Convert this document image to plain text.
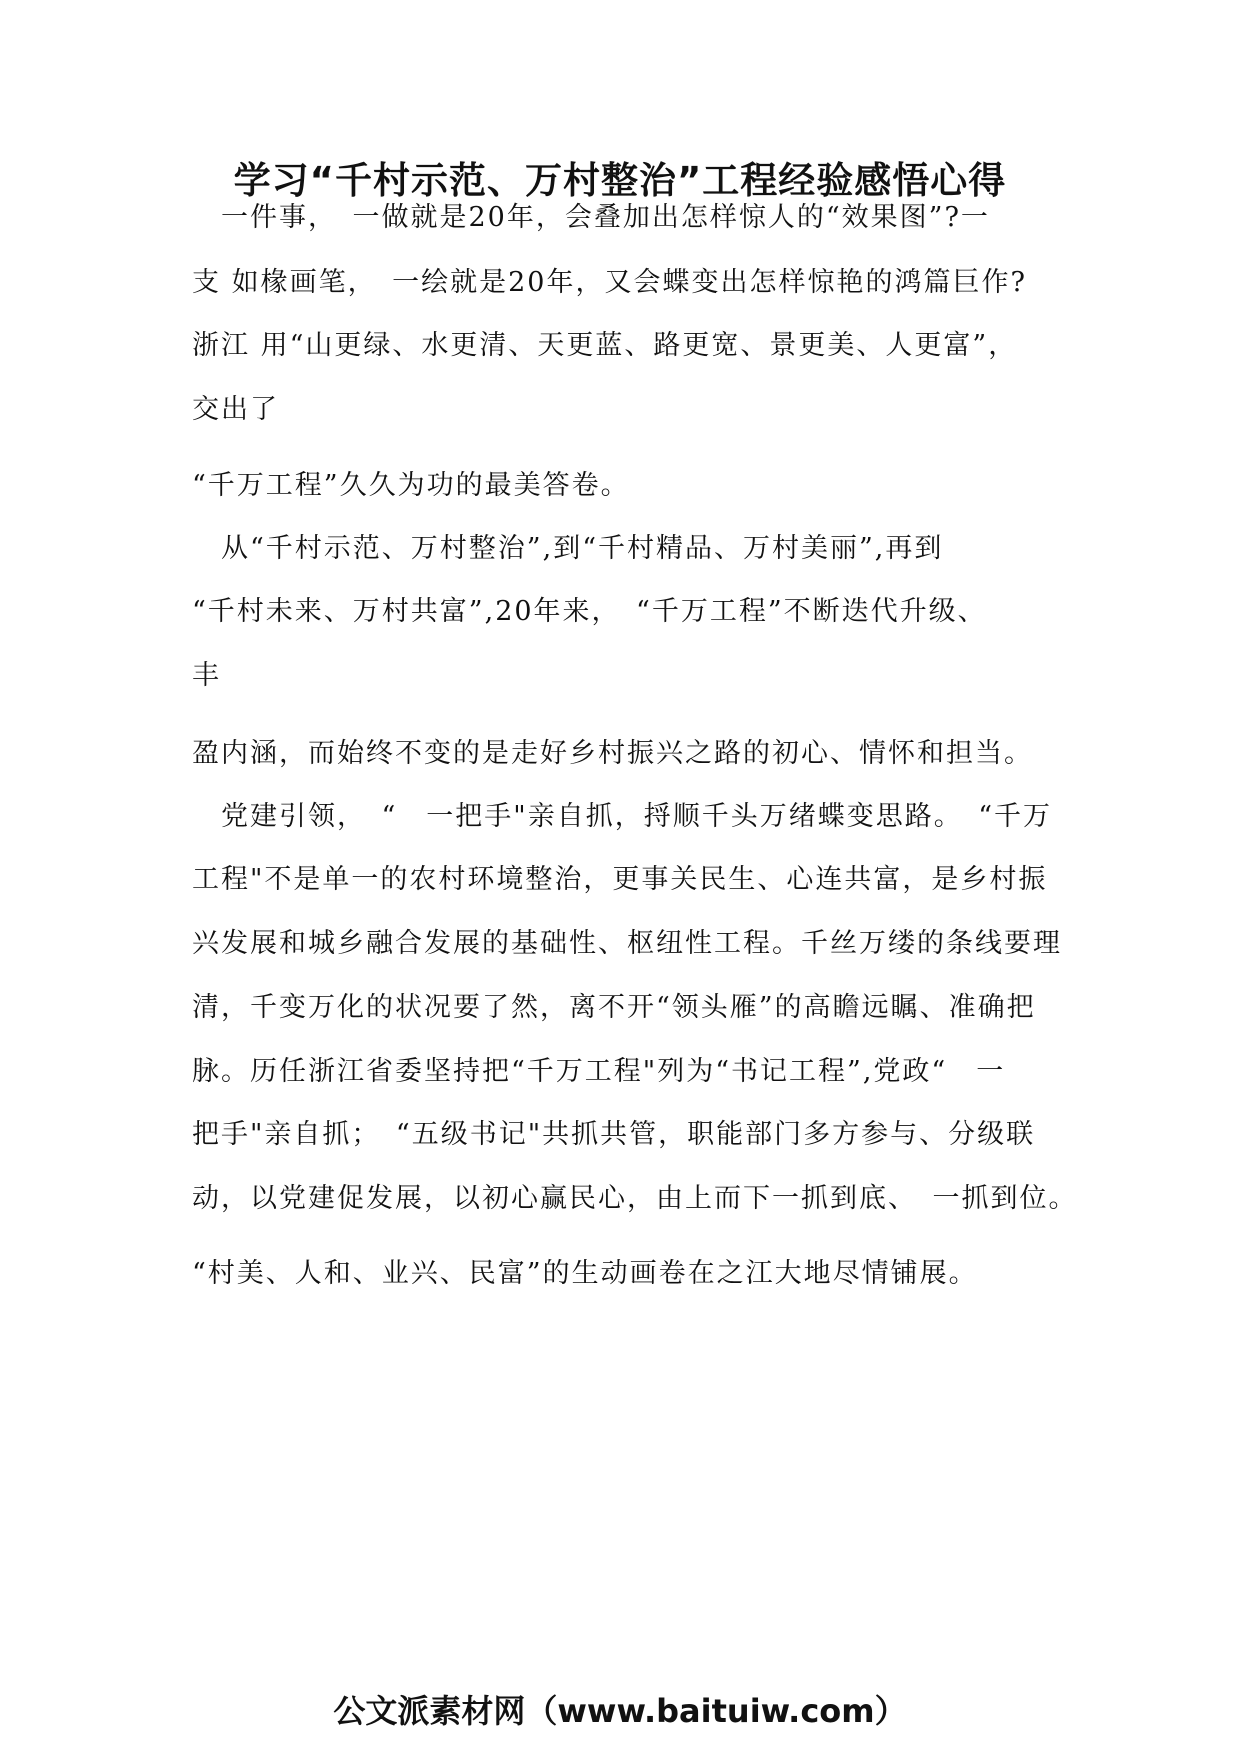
学习“千村示范、万村整治”工程经验感悟心得
　一件事，　一做就是20年，会叠加出怎样惊人的“效果图”?一
支 如椽画笔，　一绘就是20年，又会蝶变出怎样惊艳的鸿篇巨作?
浙江 用“山更绿、水更清、天更蓝、路更宽、景更美、人更富”，
交出了
“千万工程”久久为功的最美答卷。
　从“千村示范、万村整治”,到“千村精品、万村美丽”,再到
“千村未来、万村共富”,20年来，　“千万工程”不断迭代升级、
丰
盈内涵，而始终不变的是走好乡村振兴之路的初心、情怀和担当。
　党建引领，　“　一把手"亲自抓，捋顺千头万绪蝶变思路。　“千万
工程"不是单一的农村环境整治，更事关民生、心连共富，是乡村振
兴发展和城乡融合发展的基础性、枢纽性工程。千丝万缕的条线要理
清，千变万化的状况要了然，离不开“领头雁”的高瞻远瞩、准确把
脉。历任浙江省委坚持把“千万工程"列为“书记工程”,党政“　一
把手"亲自抓；　“五级书记"共抓共管，职能部门多方参与、分级联
动，以党建促发展，以初心赢民心，由上而下一抓到底、　一抓到位。
“村美、人和、业兴、民富”的生动画卷在之江大地尽情铺展。
公文派素材网（www.baituiw.com）
